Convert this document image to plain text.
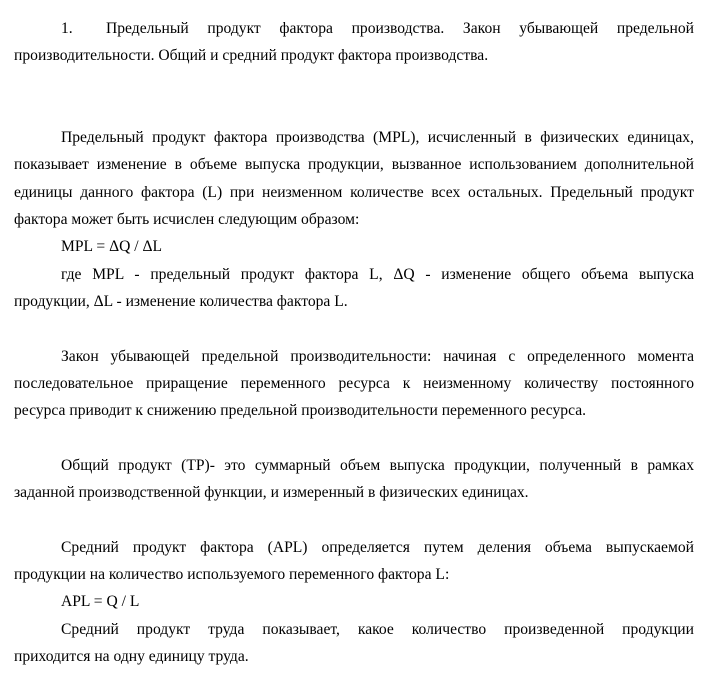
1.	Предельный продукт фактора производства. Закон убывающей предельной
производительности. Общий и средний продукт фактора производства.
Предельный продукт фактора производства (MPL), исчисленный в физических единицах,
показывает изменение в объеме выпуска продукции, вызванное использованием дополнительной
единицы данного фактора (L) при неизменном количестве всех остальных. Предельный продукт
фактора может быть исчислен следующим образом:
MPL = ΔQ / ΔL
где MPL - предельный продукт фактора L, ΔQ - изменение общего объема выпуска
продукции, ΔL - изменение количества фактора L.
Закон убывающей предельной производительности: начиная с определенного момента
последовательное приращение переменного ресурса к неизменному количеству постоянного
ресурса приводит к снижению предельной производительности переменного ресурса.
Общий продукт (TP)- это суммарный объем выпуска продукции, полученный в рамках
заданной производственной функции, и измеренный в физических единицах.
Средний продукт фактора (APL) определяется путем деления объема выпускаемой
продукции на количество используемого переменного фактора L:
APL = Q / L
Средний продукт труда показывает, какое количество произведенной продукции
приходится на одну единицу труда.
